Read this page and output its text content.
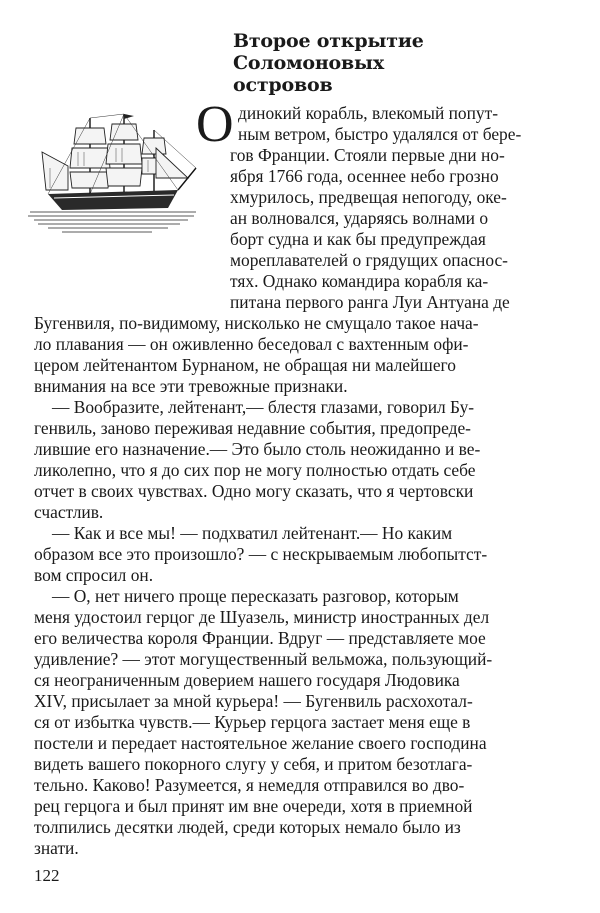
Второе открытие Соломоновых
островов
О динокий корабль, влекомый попут-
ным ветром, быстро удалялся от бере-
гов Франции. Стояли первые дни но-
ября 1766 года, осеннее небо грозно
хмурилось, предвещая непогоду, оке-
ан волновался, ударяясь волнами о
борт судна и как бы предупреждая
мореплавателей о грядущих опаснос-
тях. Однако командира корабля ка-
питана первого ранга Луи Антуана де
Бугенвиля, по-видимому, нисколько не смущало такое нача-
ло плавания — он оживленно беседовал с вахтенным офи-
цером лейтенантом Бурнаном, не обращая ни малейшего
внимания на все эти тревожные признаки.
— Вообразите, лейтенант,— блестя глазами, говорил Бу-
генвиль, заново переживая недавние события, предопреде-
лившие его назначение.— Это было столь неожиданно и ве-
ликолепно, что я до сих пор не могу полностью отдать себе
отчет в своих чувствах. Одно могу сказать, что я чертовски
счастлив.
— Как и все мы! — подхватил лейтенант.— Но каким
образом все это произошло? — с нескрываемым любопытст-
вом спросил он.
— О, нет ничего проще пересказать разговор, которым
меня удостоил герцог де Шуазель, министр иностранных дел
его величества короля Франции. Вдруг — представляете мое
удивление? — этот могущественный вельможа, пользующий-
ся неограниченным доверием нашего государя Людовика
XIV, присылает за мной курьера! — Бугенвиль расхохотал-
ся от избытка чувств.— Курьер герцога застает меня еще в
постели и передает настоятельное желание своего господина
видеть вашего покорного слугу у себя, и притом безотлага-
тельно. Каково! Разумеется, я немедля отправился во дво-
рец герцога и был принят им вне очереди, хотя в приемной
толпились десятки людей, среди которых немало было из
знати.
122
